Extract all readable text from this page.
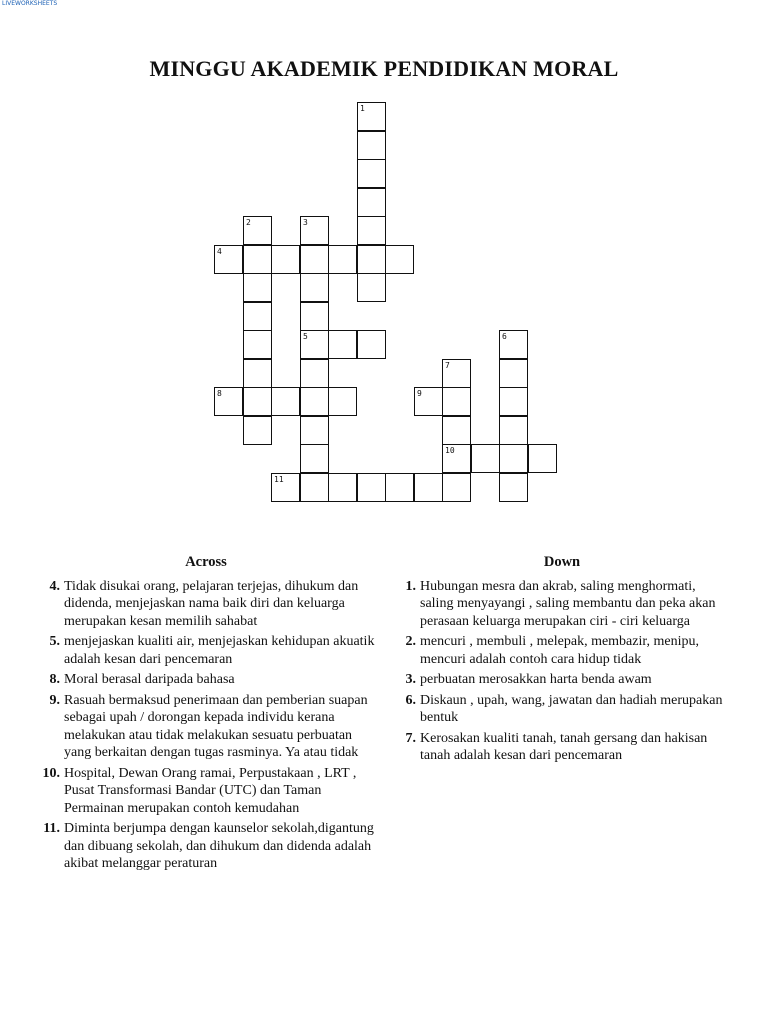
LIVEWORKSHEETS
MINGGU AKADEMIK PENDIDIKAN MORAL
1
2	3
4
5	6
7
8	9
10
11
Across
4. Tidak disukai orang, pelajaran terjejas, dihukum dan didenda, menjejaskan nama baik diri dan keluarga merupakan kesan memilih sahabat
5. menjejaskan kualiti air, menjejaskan kehidupan akuatik adalah kesan dari pencemaran
8. Moral berasal daripada bahasa
9. Rasuah bermaksud penerimaan dan pemberian suapan sebagai upah / dorongan kepada individu kerana melakukan atau tidak melakukan sesuatu perbuatan yang berkaitan dengan tugas rasminya. Ya atau tidak
10. Hospital, Dewan Orang ramai, Perpustakaan , LRT , Pusat Transformasi Bandar (UTC) dan Taman Permainan merupakan contoh kemudahan
11. Diminta berjumpa dengan kaunselor sekolah,digantung dan dibuang sekolah, dan dihukum dan didenda adalah akibat melanggar peraturan
Down
1. Hubungan mesra dan akrab, saling menghormati, saling menyayangi , saling membantu dan peka akan perasaan keluarga merupakan ciri - ciri keluarga
2. mencuri , membuli , melepak, membazir, menipu, mencuri adalah contoh cara hidup tidak
3. perbuatan merosakkan harta benda awam
6. Diskaun , upah, wang, jawatan dan hadiah merupakan bentuk
7. Kerosakan kualiti tanah, tanah gersang dan hakisan tanah adalah kesan dari pencemaran
